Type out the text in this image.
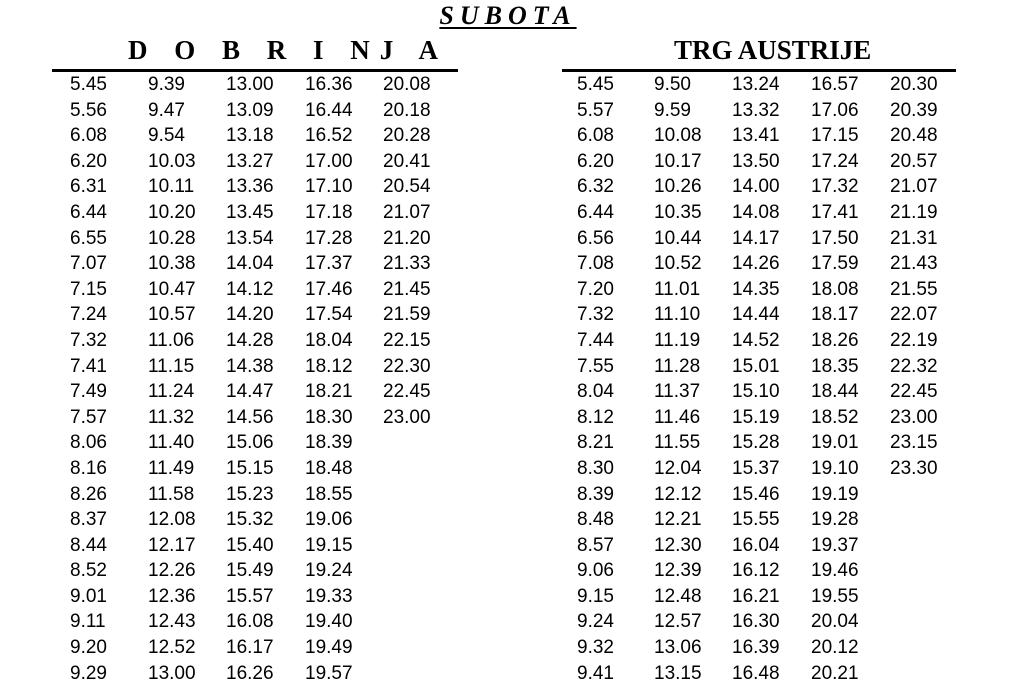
SUBOTA
D O B R I NJ A	TRG AUSTRIJE
5.45
5.56
6.08
6.20
6.31
6.44
6.55
7.07
7.15
7.24
7.32
7.41
7.49
7.57
8.06
8.16
8.26
8.37
8.44
8.52
9.01
9.11
9.20
9.29
9.39
9.47
9.54
10.03
10.11
10.20
10.28
10.38
10.47
10.57
11.06
11.15
11.24
11.32
11.40
11.49
11.58
12.08
12.17
12.26
12.36
12.43
12.52
13.00
13.00
13.09
13.18
13.27
13.36
13.45
13.54
14.04
14.12
14.20
14.28
14.38
14.47
14.56
15.06
15.15
15.23
15.32
15.40
15.49
15.57
16.08
16.17
16.26
16.36
16.44
16.52
17.00
17.10
17.18
17.28
17.37
17.46
17.54
18.04
18.12
18.21
18.30
18.39
18.48
18.55
19.06
19.15
19.24
19.33
19.40
19.49
19.57
20.08
20.18
20.28
20.41
20.54
21.07
21.20
21.33
21.45
21.59
22.15
22.30
22.45
23.00
5.45
5.57
6.08
6.20
6.32
6.44
6.56
7.08
7.20
7.32
7.44
7.55
8.04
8.12
8.21
8.30
8.39
8.48
8.57
9.06
9.15
9.24
9.32
9.41
9.50
9.59
10.08
10.17
10.26
10.35
10.44
10.52
11.01
11.10
11.19
11.28
11.37
11.46
11.55
12.04
12.12
12.21
12.30
12.39
12.48
12.57
13.06
13.15
13.24
13.32
13.41
13.50
14.00
14.08
14.17
14.26
14.35
14.44
14.52
15.01
15.10
15.19
15.28
15.37
15.46
15.55
16.04
16.12
16.21
16.30
16.39
16.48
16.57
17.06
17.15
17.24
17.32
17.41
17.50
17.59
18.08
18.17
18.26
18.35
18.44
18.52
19.01
19.10
19.19
19.28
19.37
19.46
19.55
20.04
20.12
20.21
20.30
20.39
20.48
20.57
21.07
21.19
21.31
21.43
21.55
22.07
22.19
22.32
22.45
23.00
23.15
23.30
